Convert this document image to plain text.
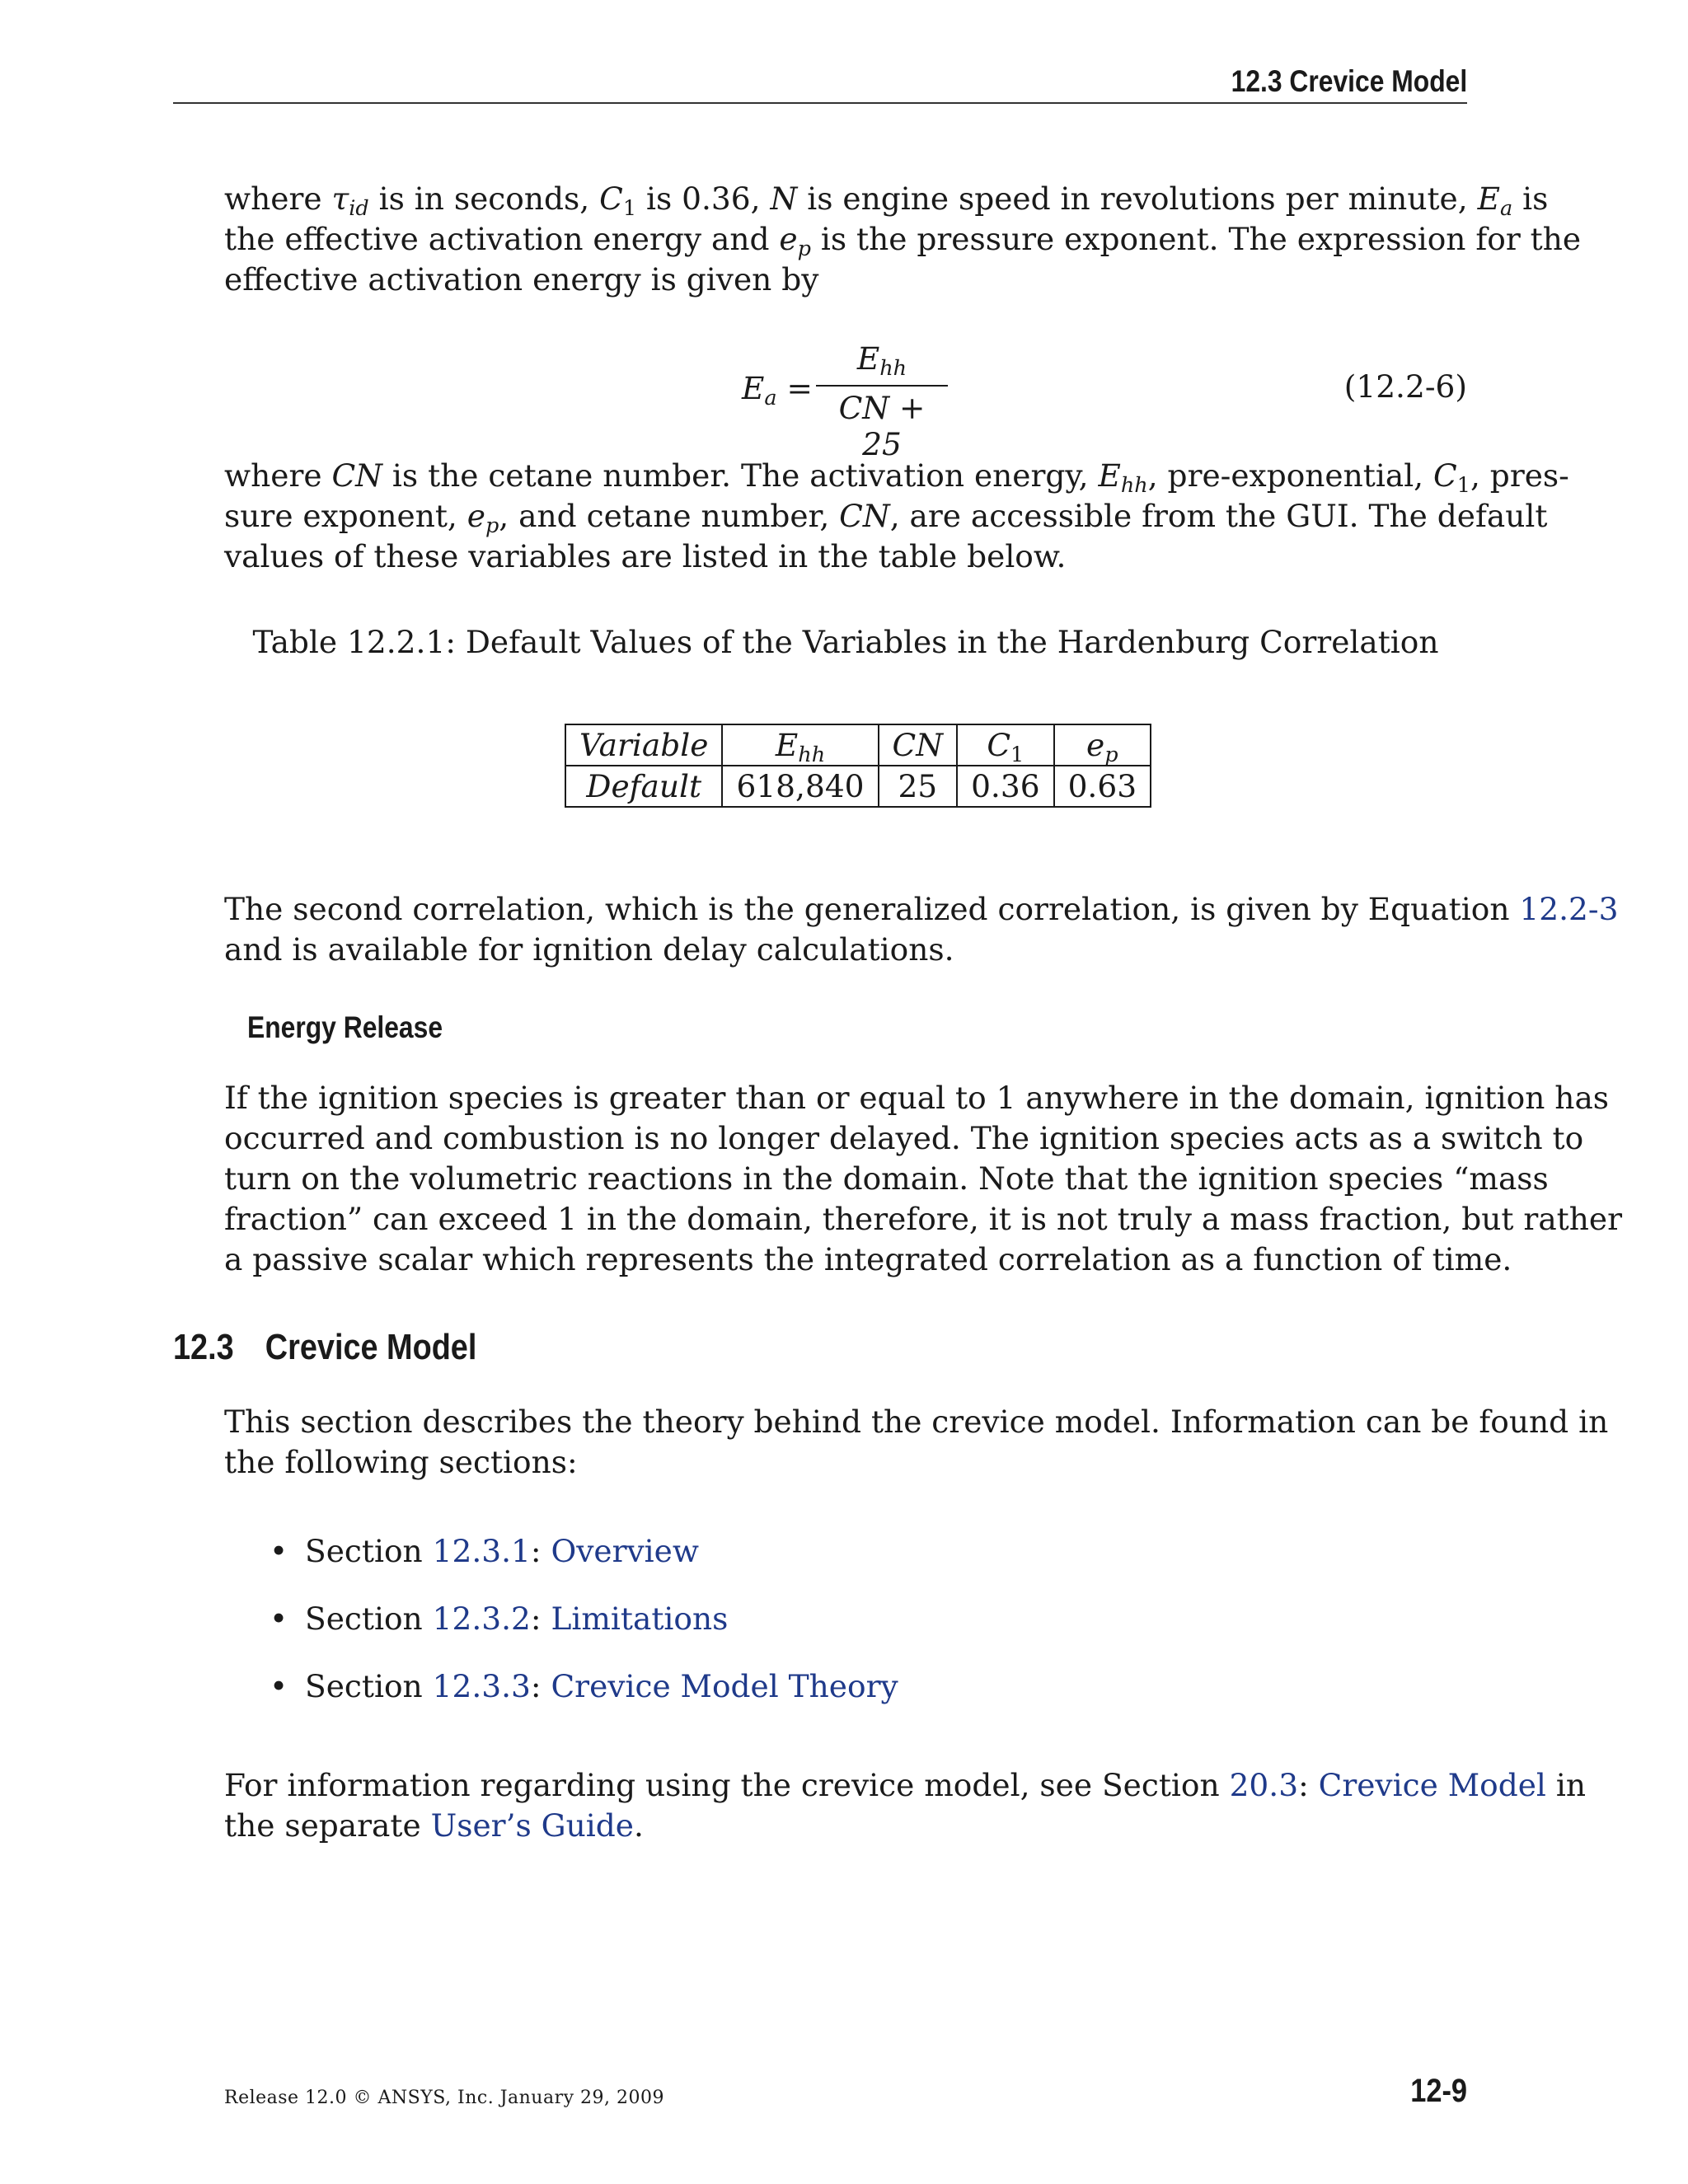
12.3 Crevice Model
where $\tau_{id}$ is in seconds, $C_1$ is 0.36, N is engine speed in revolutions per minute, $E_a$ is
the effective activation energy and $e_p$ is the pressure exponent. The expression for the
effective activation energy is given by
$E_a$ =
$E_{hh}$
CN + 25
(12.2-6)
where CN is the cetane number. The activation energy, $E_{hh}$, pre-exponential, $C_1$, pres-
sure exponent, $e_p$, and cetane number, CN, are accessible from the GUI. The default
values of these variables are listed in the table below.
Table 12.2.1: Default Values of the Variables in the Hardenburg Correlation
Variable	$E_{hh}$	CN	$C_1$	$e_p$
Default	618,840	25	0.36	0.63
The second correlation, which is the generalized correlation, is given by Equation 12.2-3
and is available for ignition delay calculations.
Energy Release
If the ignition species is greater than or equal to 1 anywhere in the domain, ignition has
occurred and combustion is no longer delayed. The ignition species acts as a switch to
turn on the volumetric reactions in the domain. Note that the ignition species “mass
fraction” can exceed 1 in the domain, therefore, it is not truly a mass fraction, but rather
a passive scalar which represents the integrated correlation as a function of time.
12.3 Crevice Model
This section describes the theory behind the crevice model. Information can be found in
the following sections:
• Section 12.3.1: Overview
• Section 12.3.2: Limitations
• Section 12.3.3: Crevice Model Theory
For information regarding using the crevice model, see Section 20.3: Crevice Model in
the separate User’s Guide.
Release 12.0 © ANSYS, Inc. January 29, 2009	12-9
